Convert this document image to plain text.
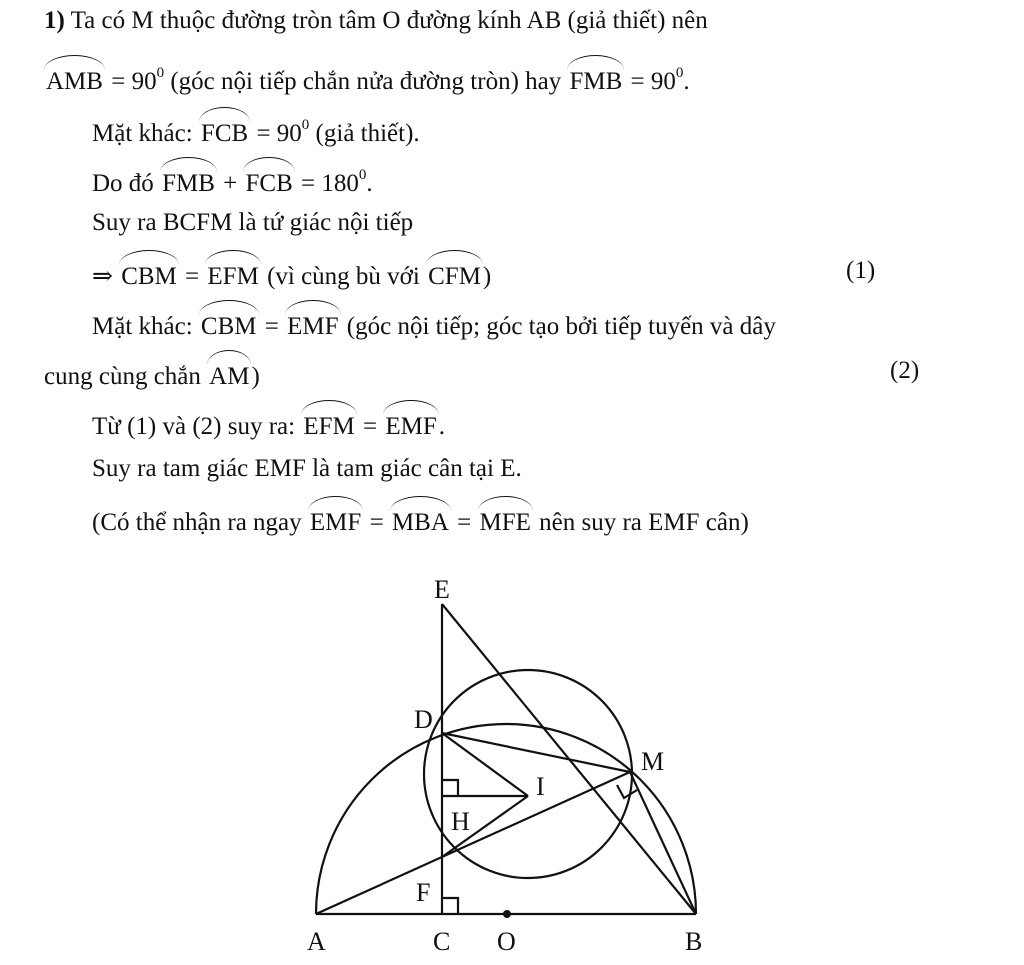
1) Ta có M thuộc đường tròn tâm O đường kính AB (giả thiết) nên
AMB = $90^0$ (góc nội tiếp chắn nửa đường tròn) hay FMB = $90^0$.
Mặt khác: FCB = $90^0$ (giả thiết).
Do đó FMB + FCB = $180^0$.
Suy ra BCFM là tứ giác nội tiếp
⇒ CBM = EFM (vì cùng bù với CFM)	(1)
Mặt khác: CBM = EMF (góc nội tiếp; góc tạo bởi tiếp tuyến và dây
cung cùng chắn AM)	(2)
Từ (1) và (2) suy ra: EFM = EMF.
Suy ra tam giác EMF là tam giác cân tại E.
(Có thể nhận ra ngay EMF = MBA = MFE nên suy ra EMF cân)
E
D
M
I
H
F
A	C O	B
